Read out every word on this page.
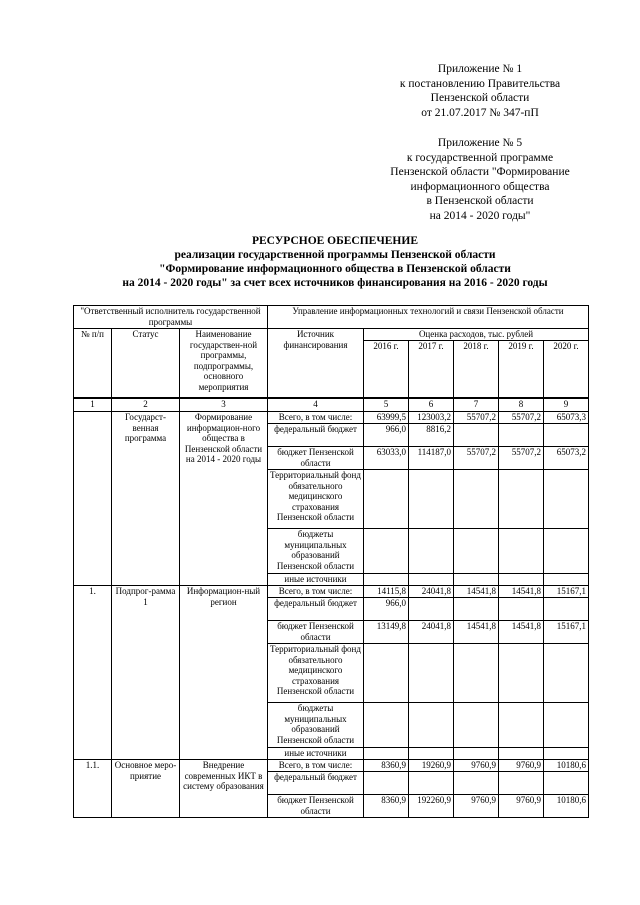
Приложение № 1
к постановлению Правительства
Пензенской области
от 21.07.2017 № 347-пП
Приложение № 5
к государственной программе
Пензенской области "Формирование
информационного общества
в Пензенской области
на 2014 - 2020 годы"
РЕСУРСНОЕ ОБЕСПЕЧЕНИЕ
реализации государственной программы Пензенской области
"Формирование информационного общества в Пензенской области
на 2014 - 2020 годы" за счет всех источников финансирования на 2016 - 2020 годы
"Ответственный исполнитель государственной программы			Управление информационных технологий и связи Пензенской области					
№ п/п	Статус	Наименование государствен-ной программы, подпрограммы, основного мероприятия	Источник финансирования	Оценка расходов, тыс. рублей				
				2016 г.	2017 г.	2018 г.	2019 г.	2020 г.
1	2	3	4	5	6	7	8	9
	Государст-венная программа	Формирование информацион-ного общества в Пензенской области на 2014 - 2020 годы	Всего, в том числе:	63999,5	123003,2	55707,2	55707,2	65073,3
			федеральный бюджет	966,0	8816,2			
			бюджет Пензенской области	63033,0	114187,0	55707,2	55707,2	65073,2
			Территориальный фонд обязательного медицинского страхования Пензенской области					
			бюджеты муниципальных образований Пензенской области					
			иные источники					
1.	Подпрог-рамма 1	Информацион-ный регион	Всего, в том числе:	14115,8	24041,8	14541,8	14541,8	15167,1
			федеральный бюджет	966,0				
			бюджет Пензенской области	13149,8	24041,8	14541,8	14541,8	15167,1
			Территориальный фонд обязательного медицинского страхования Пензенской области					
			бюджеты муниципальных образований Пензенской области					
			иные источники					
1.1.	Основное меро-приятие	Внедрение современных ИКТ в систему образования	Всего, в том числе:	8360,9	19260,9	9760,9	9760,9	10180,6
			федеральный бюджет					
			бюджет Пензенской области	8360,9	192260,9	9760,9	9760,9	10180,6
